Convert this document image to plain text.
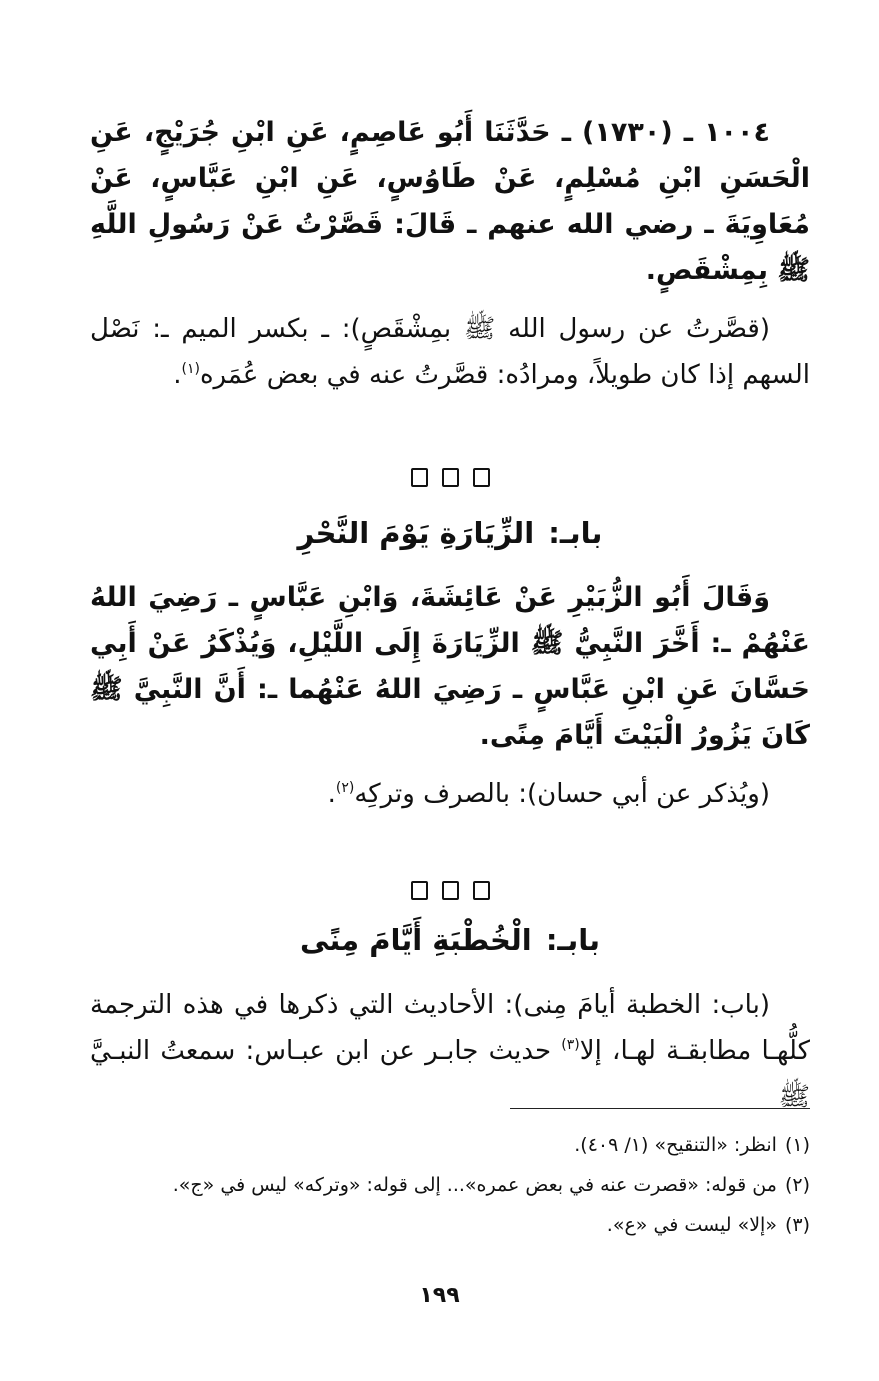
١٠٠٤ ـ (١٧٣٠) ـ حَدَّثَنَا أَبُو عَاصِمٍ، عَنِ ابْنِ جُرَيْجٍ، عَنِ الْحَسَنِ ابْنِ مُسْلِمٍ، عَنْ طَاوُسٍ، عَنِ ابْنِ عَبَّاسٍ، عَنْ مُعَاوِيَةَ ـ رضي الله عنهم ـ قَالَ: قَصَّرْتُ عَنْ رَسُولِ اللَّهِ ﷺ بِمِشْقَصٍ.

(قصَّرتُ عن رسول الله ﷺ بمِشْقَصٍ): ـ بكسر الميم ـ: نَصْل السهم إذا كان طويلاً، ومرادُه: قصَّرتُ عنه في بعض عُمَره$^{(١)}$.

بابـ: الزِّيَارَةِ يَوْمَ النَّحْرِ

وَقَالَ أَبُو الزُّبَيْرِ عَنْ عَائِشَةَ، وَابْنِ عَبَّاسٍ ـ رَضِيَ اللهُ عَنْهُمْ ـ: أَخَّرَ النَّبِيُّ ﷺ الزِّيَارَةَ إِلَى اللَّيْلِ، وَيُذْكَرُ عَنْ أَبِي حَسَّانَ عَنِ ابْنِ عَبَّاسٍ ـ رَضِيَ اللهُ عَنْهُما ـ: أَنَّ النَّبِيَّ ﷺ كَانَ يَزُورُ الْبَيْتَ أَيَّامَ مِنًى.

(ويُذكر عن أبي حسان): بالصرف وتركِه$^{(٢)}$.

بابـ: الْخُطْبَةِ أَيَّامَ مِنًى

(باب: الخطبة أيامَ مِنى): الأحاديث التي ذكرها في هذه الترجمة كلُّهـا مطابقـة لهـا، إلا$^{(٣)}$ حديث جابـر عن ابن عبـاس: سمعتُ النبـيَّ ﷺ

(١)انظر: «التنقيح» (١/ ٤٠٩).

(٢)من قوله: «قصرت عنه في بعض عمره»... إلى قوله: «وتركه» ليس في «ج».

(٣)«إلا» ليست في «ع».

١٩٩
